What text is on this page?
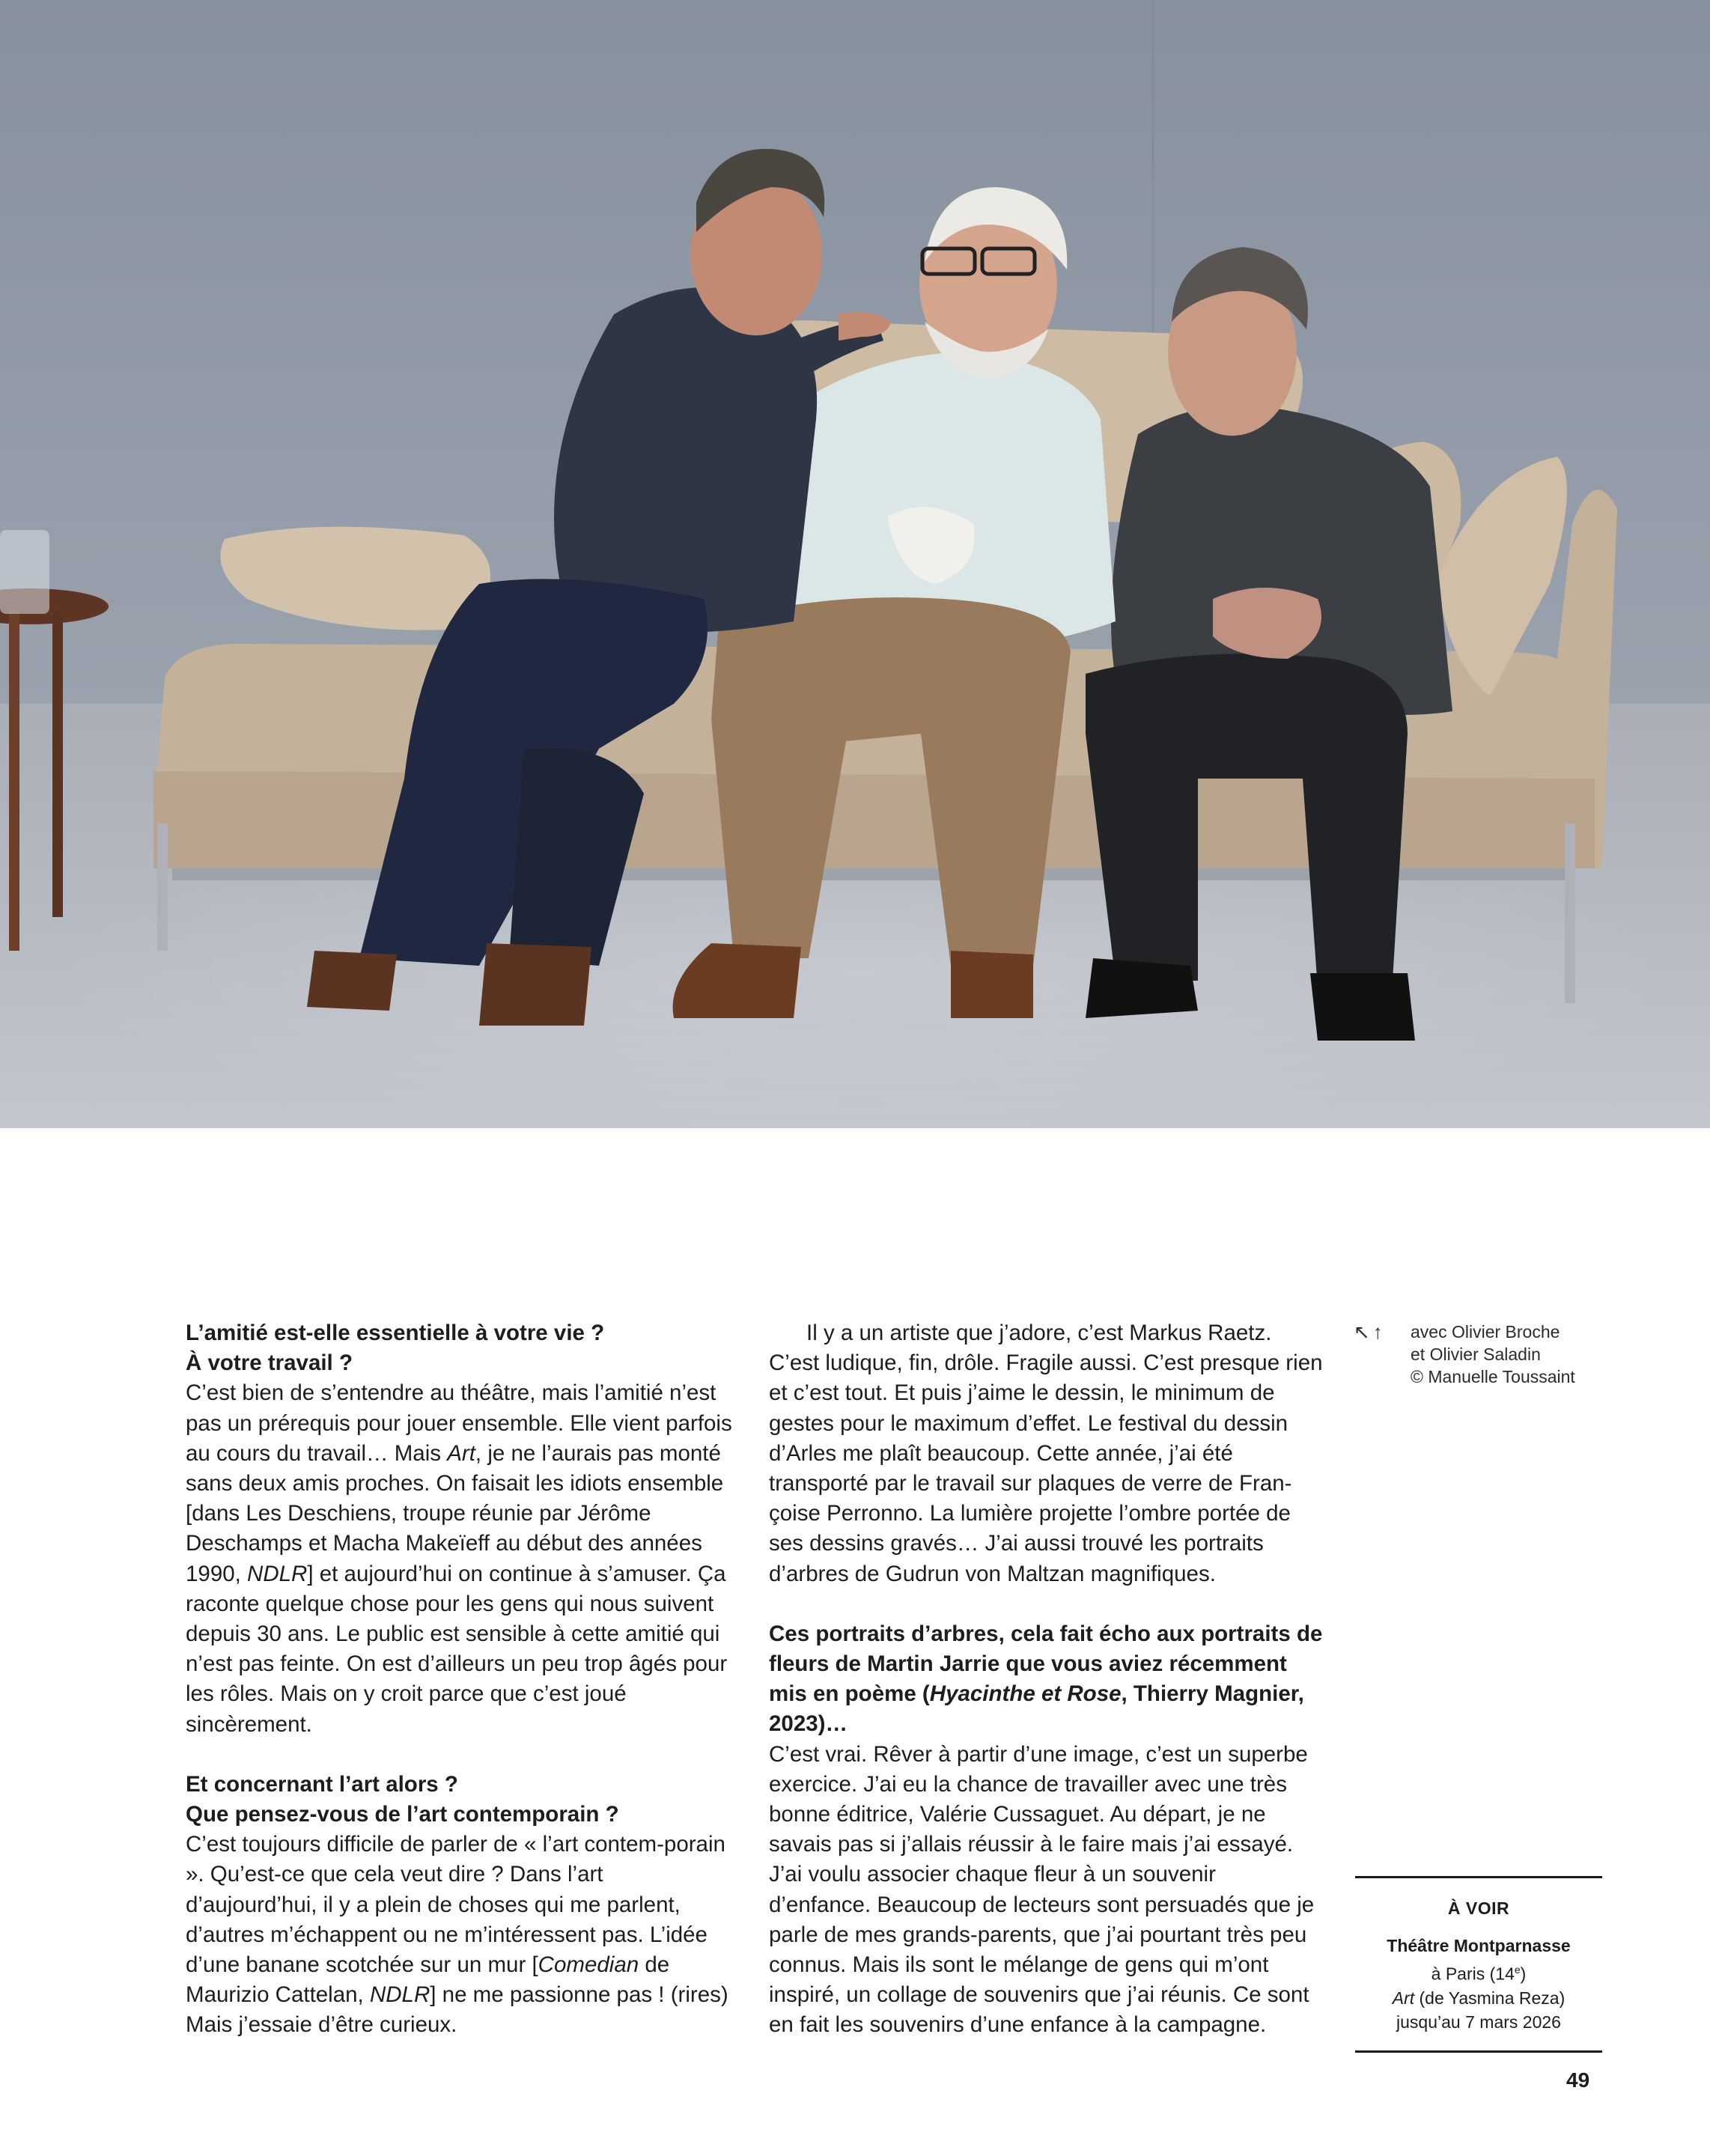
L’amitié est-elle essentielle à votre vie ?
À votre travail ?

C’est bien de s’entendre au théâtre, mais l’amitié n’est pas un prérequis pour jouer ensemble. Elle vient parfois au cours du travail… Mais Art, je ne l’aurais pas monté sans deux amis proches. On faisait les idiots ensemble [dans Les Deschiens, troupe réunie par Jérôme Deschamps et Macha Makeïeff au début des années 1990, NDLR] et aujourd’hui on continue à s’amuser. Ça raconte quelque chose pour les gens qui nous suivent depuis 30 ans. Le public est sensible à cette amitié qui n’est pas feinte. On est d’ailleurs un peu trop âgés pour les rôles. Mais on y croit parce que c’est joué sincèrement.

Et concernant l’art alors ?
Que pensez-vous de l’art contemporain ?

C’est toujours difficile de parler de « l’art contem-porain ». Qu’est-ce que cela veut dire ? Dans l’art d’aujourd’hui, il y a plein de choses qui me parlent, d’autres m’échappent ou ne m’intéressent pas. L’idée d’une banane scotchée sur un mur [Comedian de Maurizio Cattelan, NDLR] ne me passionne pas ! (rires) Mais j’essaie d’être curieux.

Il y a un artiste que j’adore, c’est Markus Raetz. C’est ludique, fin, drôle. Fragile aussi. C’est presque rien et c’est tout. Et puis j’aime le dessin, le minimum de gestes pour le maximum d’effet. Le festival du dessin d’Arles me plaît beaucoup. Cette année, j’ai été transporté par le travail sur plaques de verre de Fran-çoise Perronno. La lumière projette l’ombre portée de ses dessins gravés… J’ai aussi trouvé les portraits d’arbres de Gudrun von Maltzan magnifiques.

Ces portraits d’arbres, cela fait écho aux portraits de fleurs de Martin Jarrie que vous aviez récemment mis en poème (Hyacinthe et Rose, Thierry Magnier, 2023)…

C’est vrai. Rêver à partir d’une image, c’est un superbe exercice. J’ai eu la chance de travailler avec une très bonne éditrice, Valérie Cussaguet. Au départ, je ne savais pas si j’allais réussir à le faire mais j’ai essayé. J’ai voulu associer chaque fleur à un souvenir d’enfance. Beaucoup de lecteurs sont persuadés que je parle de mes grands-parents, que j’ai pourtant très peu connus. Mais ils sont le mélange de gens qui m’ont inspiré, un collage de souvenirs que j’ai réunis. Ce sont en fait les souvenirs d’une enfance à la campagne.

↖↑ avec Olivier Broche
et Olivier Saladin
© Manuelle Toussaint
À VOIR
Théâtre Montparnasse
à Paris (14e)
Art (de Yasmina Reza)
jusqu’au 7 mars 2026
49
